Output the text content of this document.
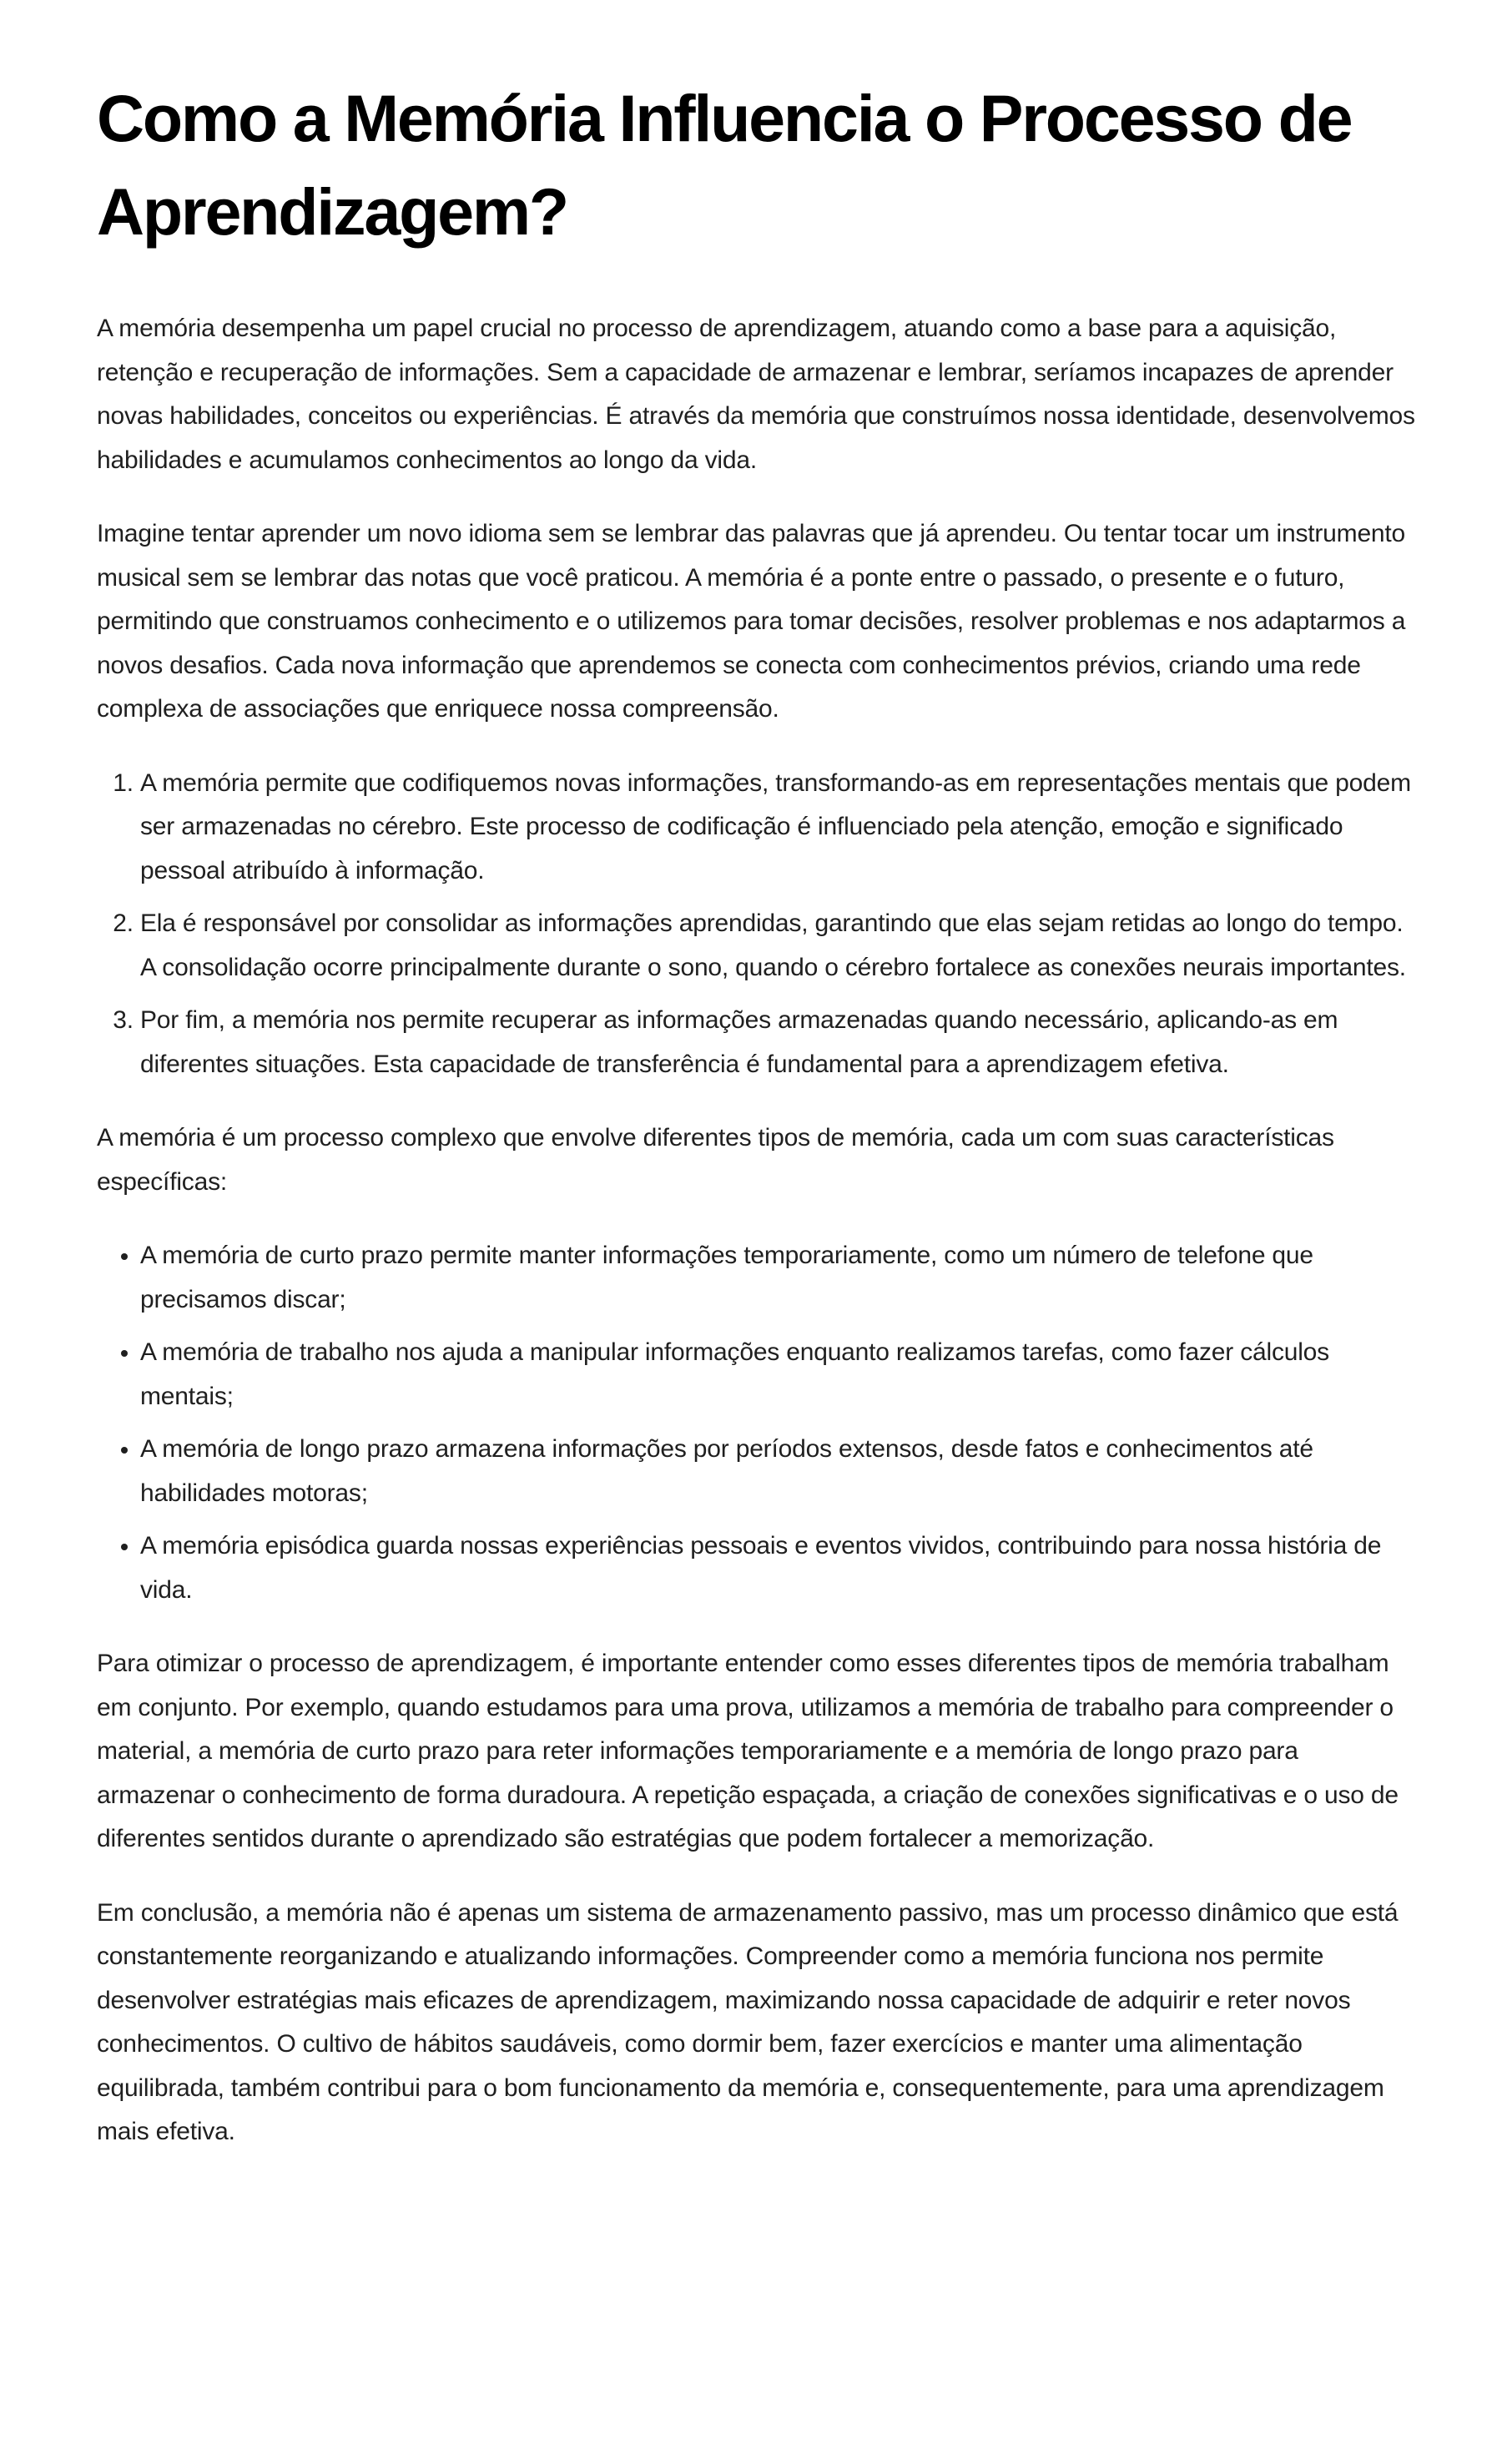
Como a Memória Influencia o Processo de Aprendizagem?

A memória desempenha um papel crucial no processo de aprendizagem, atuando como a base para a aquisição, retenção e recuperação de informações. Sem a capacidade de armazenar e lembrar, seríamos incapazes de aprender novas habilidades, conceitos ou experiências. É através da memória que construímos nossa identidade, desenvolvemos habilidades e acumulamos conhecimentos ao longo da vida.

Imagine tentar aprender um novo idioma sem se lembrar das palavras que já aprendeu. Ou tentar tocar um instrumento musical sem se lembrar das notas que você praticou. A memória é a ponte entre o passado, o presente e o futuro, permitindo que construamos conhecimento e o utilizemos para tomar decisões, resolver problemas e nos adaptarmos a novos desafios. Cada nova informação que aprendemos se conecta com conhecimentos prévios, criando uma rede complexa de associações que enriquece nossa compreensão.

1. A memória permite que codifiquemos novas informações, transformando-as em representações mentais que podem ser armazenadas no cérebro. Este processo de codificação é influenciado pela atenção, emoção e significado pessoal atribuído à informação.
2. Ela é responsável por consolidar as informações aprendidas, garantindo que elas sejam retidas ao longo do tempo. A consolidação ocorre principalmente durante o sono, quando o cérebro fortalece as conexões neurais importantes.
3. Por fim, a memória nos permite recuperar as informações armazenadas quando necessário, aplicando-as em diferentes situações. Esta capacidade de transferência é fundamental para a aprendizagem efetiva.

A memória é um processo complexo que envolve diferentes tipos de memória, cada um com suas características específicas:

• A memória de curto prazo permite manter informações temporariamente, como um número de telefone que precisamos discar;
• A memória de trabalho nos ajuda a manipular informações enquanto realizamos tarefas, como fazer cálculos mentais;
• A memória de longo prazo armazena informações por períodos extensos, desde fatos e conhecimentos até habilidades motoras;
• A memória episódica guarda nossas experiências pessoais e eventos vividos, contribuindo para nossa história de vida.

Para otimizar o processo de aprendizagem, é importante entender como esses diferentes tipos de memória trabalham em conjunto. Por exemplo, quando estudamos para uma prova, utilizamos a memória de trabalho para compreender o material, a memória de curto prazo para reter informações temporariamente e a memória de longo prazo para armazenar o conhecimento de forma duradoura. A repetição espaçada, a criação de conexões significativas e o uso de diferentes sentidos durante o aprendizado são estratégias que podem fortalecer a memorização.

Em conclusão, a memória não é apenas um sistema de armazenamento passivo, mas um processo dinâmico que está constantemente reorganizando e atualizando informações. Compreender como a memória funciona nos permite desenvolver estratégias mais eficazes de aprendizagem, maximizando nossa capacidade de adquirir e reter novos conhecimentos. O cultivo de hábitos saudáveis, como dormir bem, fazer exercícios e manter uma alimentação equilibrada, também contribui para o bom funcionamento da memória e, consequentemente, para uma aprendizagem mais efetiva.
